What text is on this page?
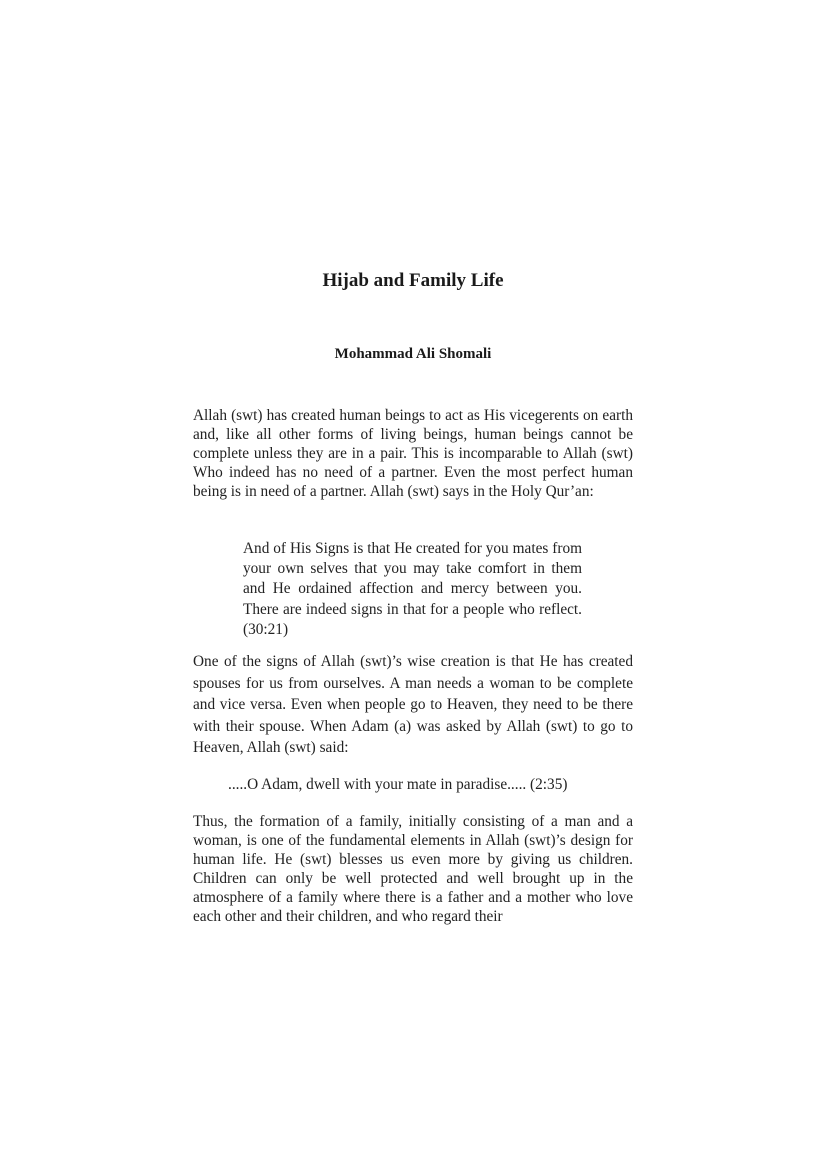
Hijab and Family Life
Mohammad Ali Shomali

Allah (swt) has created human beings to act as His vicegerents on earth and, like all other forms of living beings, human beings cannot be complete unless they are in a pair. This is incomparable to Allah (swt) Who indeed has no need of a partner. Even the most perfect human being is in need of a partner. Allah (swt) says in the Holy Qur’an:

And of His Signs is that He created for you mates from your own selves that you may take comfort in them and He ordained affection and mercy between you. There are indeed signs in that for a people who reflect. (30:21)

One of the signs of Allah (swt)’s wise creation is that He has created spouses for us from ourselves. A man needs a woman to be complete and vice versa. Even when people go to Heaven, they need to be there with their spouse. When Adam (a) was asked by Allah (swt) to go to Heaven, Allah (swt) said:

.....O Adam, dwell with your mate in paradise..... (2:35)

Thus, the formation of a family, initially consisting of a man and a woman, is one of the fundamental elements in Allah (swt)’s design for human life. He (swt) blesses us even more by giving us children. Children can only be well protected and well brought up in the atmosphere of a family where there is a father and a mother who love each other and their children, and who regard their
